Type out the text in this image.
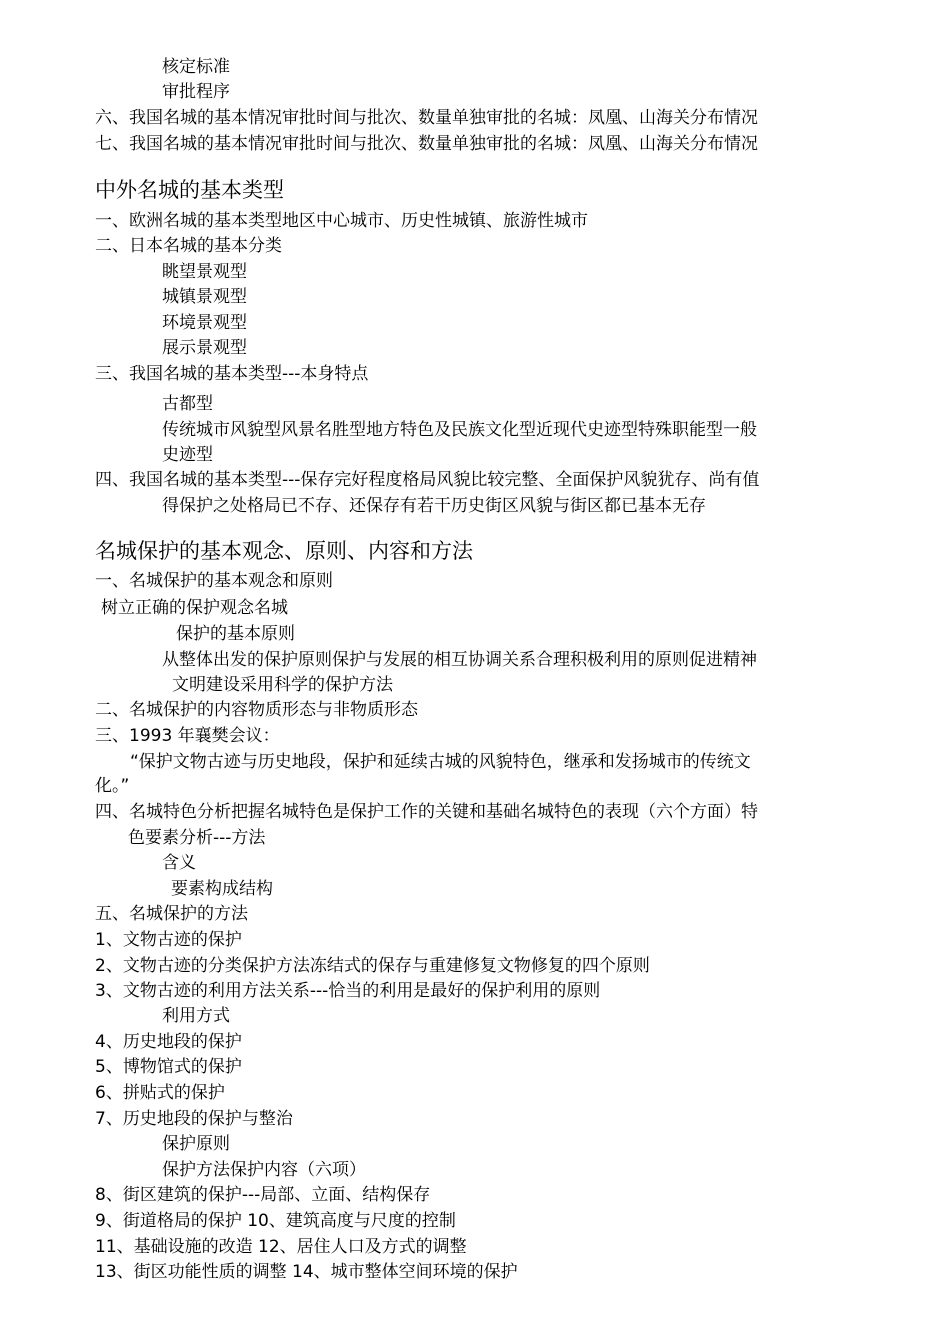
核定标准
审批程序
六、我国名城的基本情况审批时间与批次、数量单独审批的名城：凤凰、山海关分布情况
七、我国名城的基本情况审批时间与批次、数量单独审批的名城：凤凰、山海关分布情况
中外名城的基本类型
一、欧洲名城的基本类型地区中心城市、历史性城镇、旅游性城市
二、日本名城的基本分类
眺望景观型
城镇景观型
环境景观型
展示景观型
三、我国名城的基本类型---本身特点
古都型
传统城市风貌型风景名胜型地方特色及民族文化型近现代史迹型特殊职能型一般
史迹型
四、我国名城的基本类型---保存完好程度格局风貌比较完整、全面保护风貌犹存、尚有值
得保护之处格局已不存、还保存有若干历史街区风貌与街区都已基本无存
名城保护的基本观念、原则、内容和方法
一、名城保护的基本观念和原则
树立正确的保护观念名城
保护的基本原则
从整体出发的保护原则保护与发展的相互协调关系合理积极利用的原则促进精神
文明建设采用科学的保护方法
二、名城保护的内容物质形态与非物质形态
三、1993 年襄樊会议：
“保护文物古迹与历史地段，保护和延续古城的风貌特色，继承和发扬城市的传统文
化。”
四、名城特色分析把握名城特色是保护工作的关键和基础名城特色的表现（六个方面）特
色要素分析---方法
含义
要素构成结构
五、名城保护的方法
1、文物古迹的保护
2、文物古迹的分类保护方法冻结式的保存与重建修复文物修复的四个原则
3、文物古迹的利用方法关系---恰当的利用是最好的保护利用的原则
利用方式
4、历史地段的保护
5、博物馆式的保护
6、拼贴式的保护
7、历史地段的保护与整治
保护原则
保护方法保护内容（六项）
8、街区建筑的保护---局部、立面、结构保存
9、街道格局的保护 10、建筑高度与尺度的控制
11、基础设施的改造 12、居住人口及方式的调整
13、街区功能性质的调整 14、城市整体空间环境的保护
